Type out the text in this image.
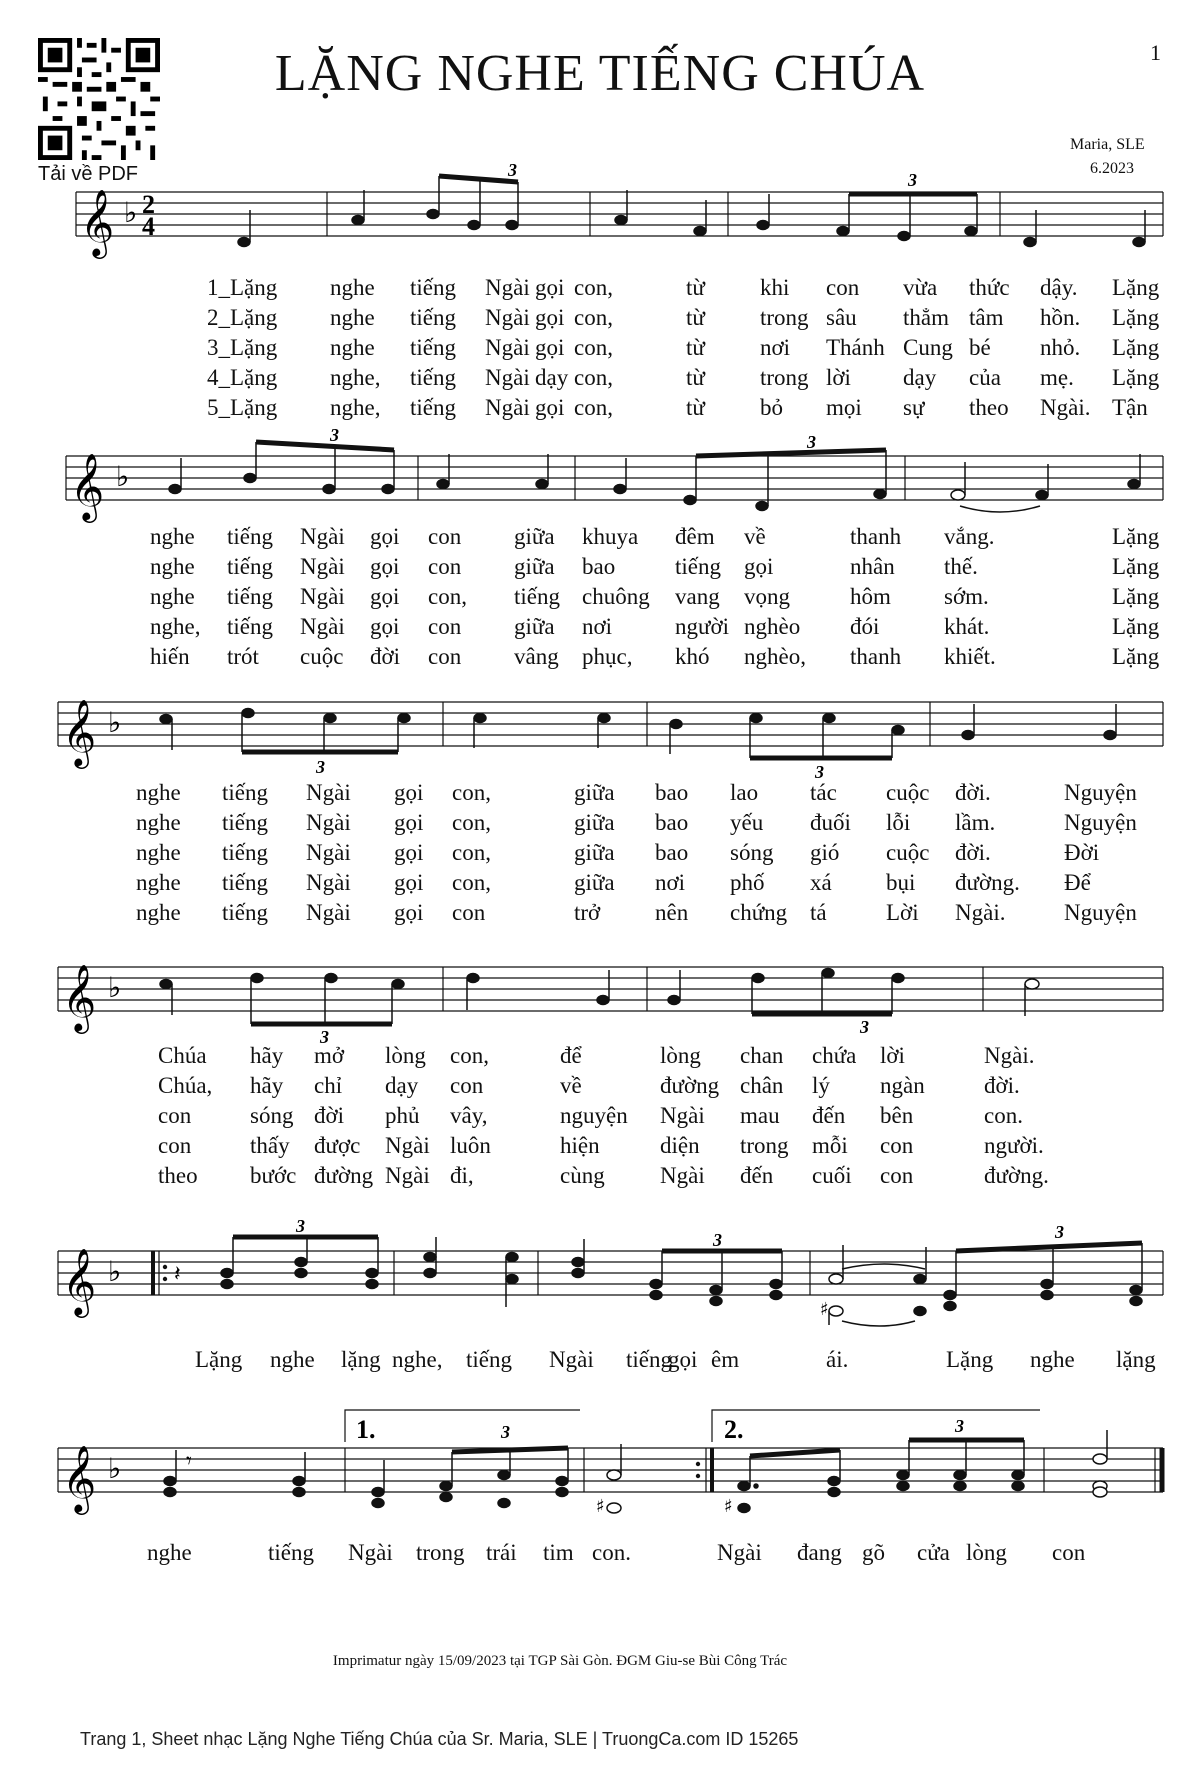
Tải về PDF
LẶNG NGHE TIẾNG CHÚA	1
Maria, SLE
6.2023
𝄞 ♭ 2
4
3	3
1_Lặng nghe tiếng Ngài gọi con,	từ khi con vừa thức dậy. Lặng
2_Lặng nghe tiếng Ngài gọi con,	từ trong sâu thẳm tâm hồn. Lặng
3_Lặng nghe tiếng Ngài gọi con,	từ nơi Thánh Cung bé nhỏ. Lặng
4_Lặng nghe, tiếng Ngài dạy con,	từ trong lời dạy của mẹ. Lặng
5_Lặng nghe, tiếng Ngài gọi con,	từ bỏ mọi sự theo Ngài. Tận
𝄞 ♭
3	3
nghe tiếng Ngài gọi con giữa khuya đêm về	thanh vắng.	Lặng
nghe tiếng Ngài gọi con giữa bao	tiếng gọi	nhân thế.	Lặng
nghe tiếng Ngài gọi con, tiếng chuông vang vọng	hôm sớm.	Lặng
nghe, tiếng Ngài gọi con giữa nơi	người nghèo đói	khát.	Lặng
hiến trót cuộc đời con vâng phục, khó nghèo, thanh khiết.	Lặng
𝄞 ♭
3	3
nghe tiếng Ngài gọi con,	giữa bao lao tác cuộc đời.	Nguyện
nghe tiếng Ngài gọi con,	giữa bao yếu đuối lỗi lầm.	Nguyện
nghe tiếng Ngài gọi con,	giữa bao sóng gió cuộc đời.	Đời
nghe tiếng Ngài gọi con,	giữa nơi phố xá bụi đường. Để
nghe tiếng Ngài gọi con	trở nên chứng tá	Lời Ngài.	Nguyện
𝄞 ♭
3	3
Chúa hãy mở lòng con,	để	lòng chan chứa lời	Ngài.
Chúa, hãy chỉ dạy con	về	đường chân lý ngàn	đời.
con	sóng đời phủ vây,	nguyện Ngài mau đến bên	con.
con	thấy được Ngài luôn	hiện	diện trong mỗi con	người.
theo bước đường Ngài đi,	cùng Ngài đến cuối con	đường.
𝄞 ♭ 𝄽
♯
3
3	3
Lặng nghe lặng nghe, tiếng Ngài tiếng
gọi êm	ái.	Lặng nghe lặng
1.	2.
𝄞 ♭
♯	♯
𝄾
3	3
nghe	tiếng Ngài trong trái tim con.	Ngài đang gõ cửa lòng con
Imprimatur ngày 15/09/2023 tại TGP Sài Gòn. ĐGM Giu-se Bùi Công Trác
Trang 1, Sheet nhạc Lặng Nghe Tiếng Chúa của Sr. Maria, SLE | TruongCa.com ID 15265
